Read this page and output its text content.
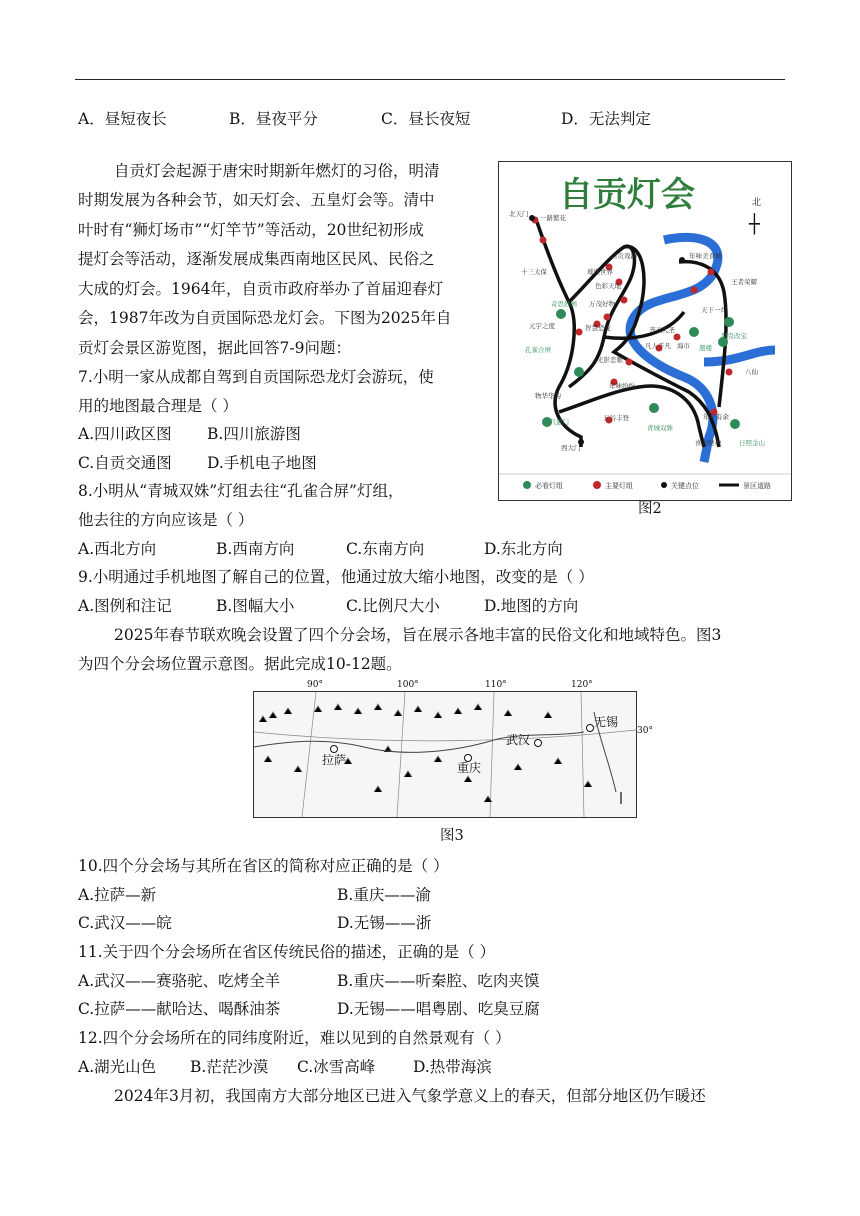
A．昼短夜长	B．昼夜平分	C．昼长夜短	D．无法判定
自贡灯会起源于唐宋时期新年燃灯的习俗，明清
时期发展为各种会节，如天灯会、五皇灯会等。清中
叶时有“狮灯场市”“灯竿节”等活动，20世纪初形成
提灯会等活动，逐渐发展成集西南地区民风、民俗之
大成的灯会。1964年，自贡市政府举办了首届迎春灯
会，1987年改为自贡国际恐龙灯会。下图为2025年自
贡灯会景区游览图，据此回答7-9问题：
7.小明一家从成都自驾到自贡国际恐龙灯会游玩，使
用的地图最合理是（ ）
A.四川政区图 B.四川旅游图
C.自贡交通图 D.手机电子地图
8.小明从“青城双姝”灯组去往“孔雀合屏”灯组，
他去往的方向应该是（ ）
A.西北方向	B.西南方向	C.东南方向	D.东北方向
9.小明通过手机地图了解自己的位置，他通过放大缩小地图，改变的是（ ）
A.图例和注记	B.图幅大小	C.比例尺大小	D.地图的方向
2025年春节联欢晚会设置了四个分会场，旨在展示各地丰富的民俗文化和地域特色。图3
为四个分会场位置示意图。据此完成10-12题。
自贡灯会	北
┼
一路繁花
北天门
十三太保
自贡戏韵
璀璨世界
色彩天地
奇思妙画 万茂好物
元宇之度	智慧恐龙
孔雀合屏
光影恋歌
物华华韵
年味纷纷
五谷丰登
喜气盈门
西大门
青城双姝
年味美食城
王者荣耀
天下一灯
齐天大圣
朋克改宝
凡人不凡 海市 蜃楼
八仙
年年有余
喜迎财神	日照金山
必看灯组	主要灯组	关键点位	景区道路
图2
90°	100°	110°	120°
拉萨
重庆
武汉
无锡
30°
图3
10.四个分会场与其所在省区的简称对应正确的是（ ）
A.拉萨—新	B.重庆——渝
C.武汉——皖	D.无锡——浙
11.关于四个分会场所在省区传统民俗的描述，正确的是（ ）
A.武汉——赛骆驼、吃烤全羊	B.重庆——听秦腔、吃肉夹馍
C.拉萨——献哈达、喝酥油茶	D.无锡——唱粤剧、吃臭豆腐
12.四个分会场所在的同纬度附近，难以见到的自然景观有（ ）
A.湖光山色 B.茫茫沙漠 C.冰雪高峰 D.热带海滨
2024年3月初，我国南方大部分地区已进入气象学意义上的春天，但部分地区仍乍暖还
